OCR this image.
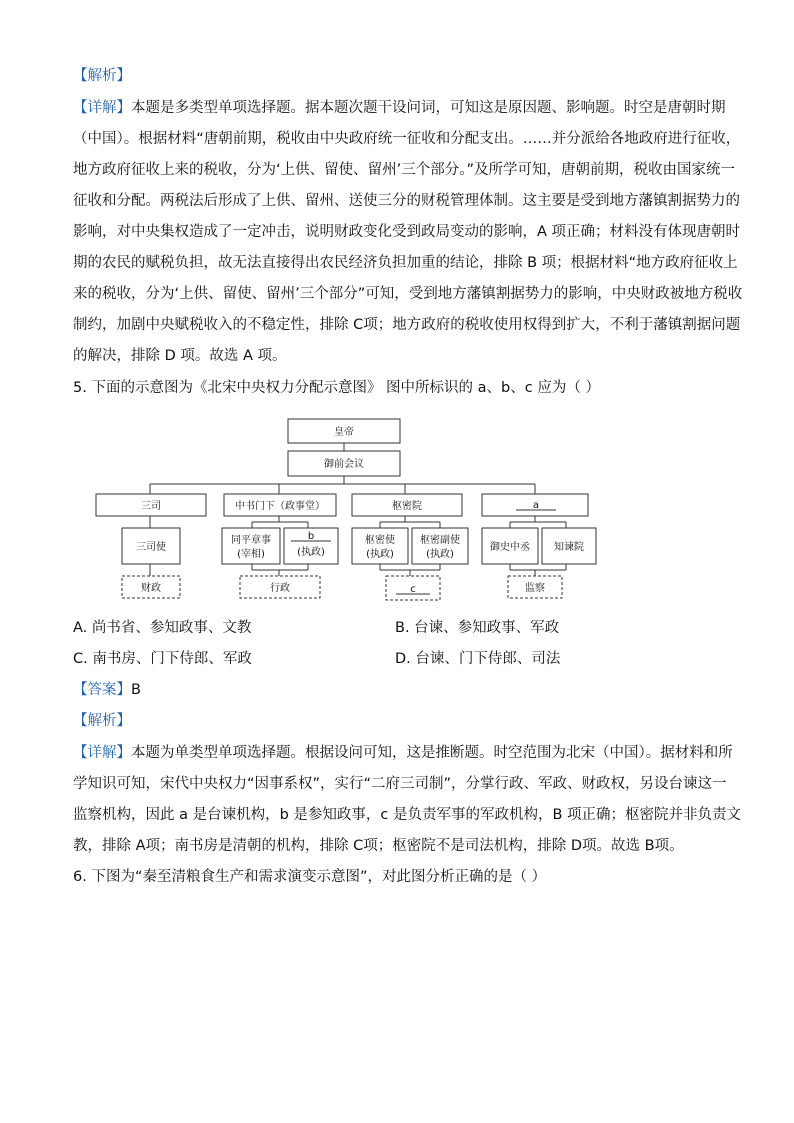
【解析】
【详解】本题是多类型单项选择题。据本题次题干设问词，可知这是原因题、影响题。时空是唐朝时期
（中国）。根据材料“唐朝前期，税收由中央政府统一征收和分配支出。……并分派给各地政府进行征收，
地方政府征收上来的税收，分为‘上供、留使、留州’三个部分。”及所学可知，唐朝前期，税收由国家统一
征收和分配。两税法后形成了上供、留州、送使三分的财税管理体制。这主要是受到地方藩镇割据势力的
影响，对中央集权造成了一定冲击，说明财政变化受到政局变动的影响，A 项正确；材料没有体现唐朝时
期的农民的赋税负担，故无法直接得出农民经济负担加重的结论，排除 B 项；根据材料“地方政府征收上
来的税收，分为‘上供、留使、留州’三个部分”可知，受到地方藩镇割据势力的影响，中央财政被地方税收
制约，加剧中央赋税收入的不稳定性，排除 C项；地方政府的税收使用权得到扩大，不利于藩镇割据问题
的解决，排除 D 项。故选 A 项。
5. 下面的示意图为《北宋中央权力分配示意图》 图中所标识的 a、b、c 应为（ ）
皇帝
御前会议
三司	中书门下（政事堂）	枢密院	a
三司使
财政
同平章事
(宰相)
b
(执政)
行政
枢密使
(执政)
枢密副使
(执政)
c
御史中丞 知谏院
监察
A. 尚书省、参知政事、文教	B. 台谏、参知政事、军政
C. 南书房、门下侍郎、军政	D. 台谏、门下侍郎、司法
【答案】B
【解析】
【详解】本题为单类型单项选择题。根据设问可知，这是推断题。时空范围为北宋（中国）。据材料和所
学知识可知，宋代中央权力“因事系权”，实行“二府三司制”，分掌行政、军政、财政权，另设台谏这一
监察机构，因此 a 是台谏机构，b 是参知政事，c 是负责军事的军政机构，B 项正确；枢密院并非负责文
教，排除 A项；南书房是清朝的机构，排除 C项；枢密院不是司法机构，排除 D项。故选 B项。
6. 下图为“秦至清粮食生产和需求演变示意图”，对此图分析正确的是（ ）
